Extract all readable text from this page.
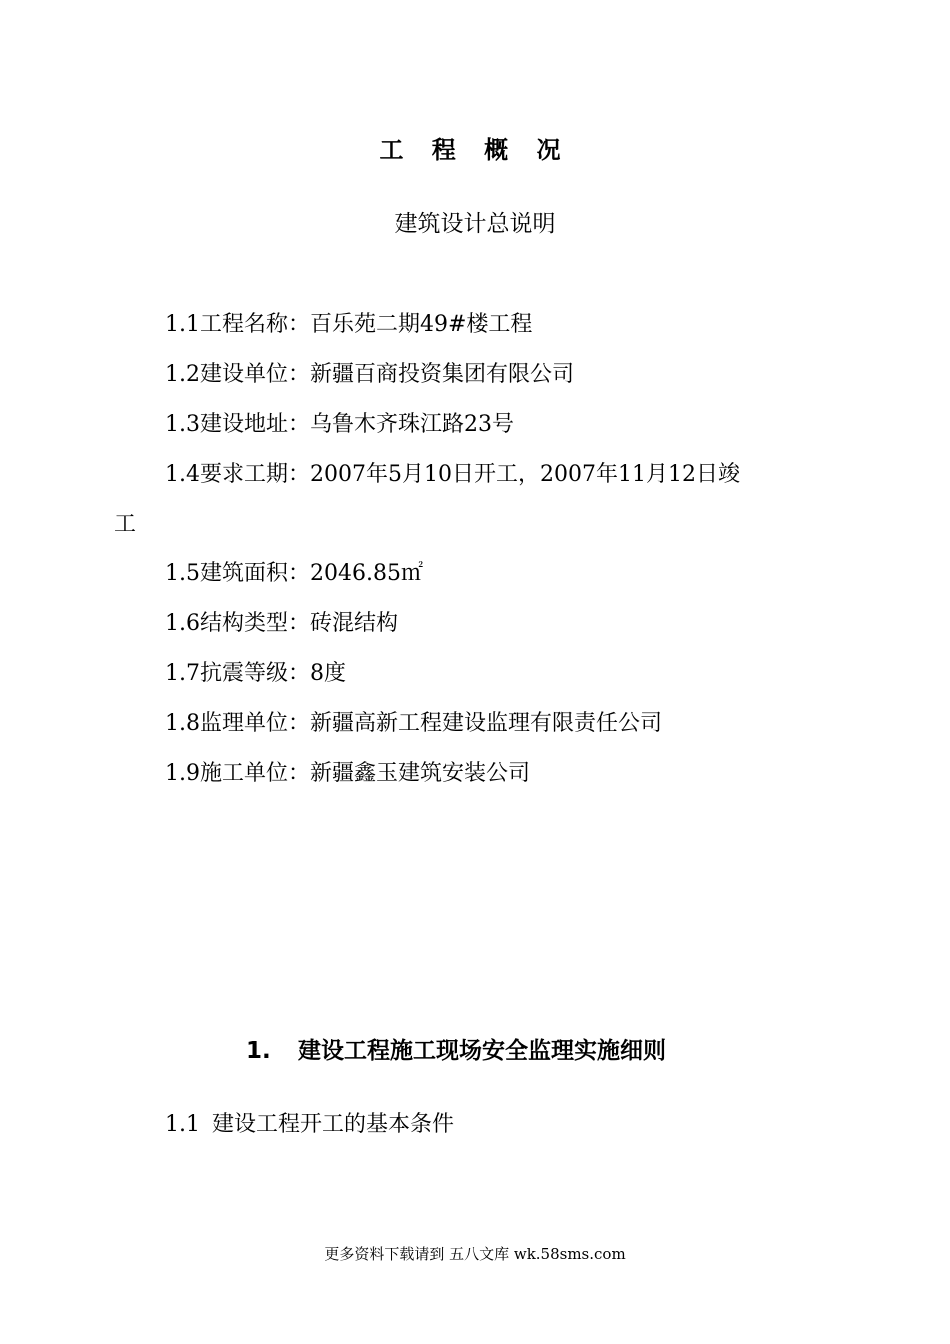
工 程 概 况
建筑设计总说明
1.1工程名称：百乐苑二期49#楼工程
1.2建设单位：新疆百商投资集团有限公司
1.3建设地址：乌鲁木齐珠江路23号
1.4要求工期：2007年5月10日开工，2007年11月12日竣
工
1.5建筑面积：2046.85㎡
1.6结构类型：砖混结构
1.7抗震等级：8度
1.8监理单位：新疆高新工程建设监理有限责任公司
1.9施工单位：新疆鑫玉建筑安装公司
1. 建设工程施工现场安全监理实施细则
1.1 建设工程开工的基本条件
更多资料下载请到 五八文库 wk.58sms.com
